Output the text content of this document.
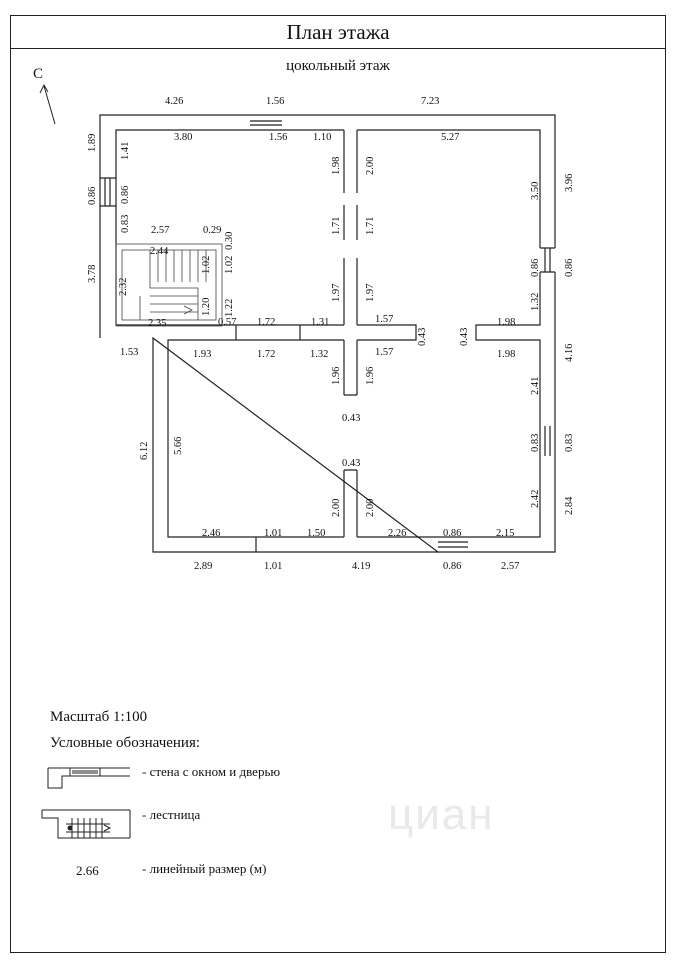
План этажа
цокольный этаж
С
4.26	1.56	7.23
3.80	1.56 1.10	5.27
1.89
0.86
3.78
1.41
0.86
0.83 2.57	0.29
0.30
2.44
1.02 1.02
2.32
1.20 1.22
2.35	0.57 1.72	1.31	1.57
0.43	0.43
1.98
1.93	1.72	1.32	1.57	1.98
1.98 2.00
1.71 1.71
1.97 1.97
3.50
0.86
1.32
2.41
0.83
2.42
3.96
0.86
4.16
0.83
2.84
1.53
6.12 5.66
1.96 1.96
0.43
0.43
2.00 2.00
2.46	1.01 1.50	2.26	0.86	2.15
2.89	1.01	4.19	0.86	2.57
Масштаб 1:100
Условные обозначения:
- стена с окном и дверью
- лестница
2.66	- линейный размер (м)
циан
